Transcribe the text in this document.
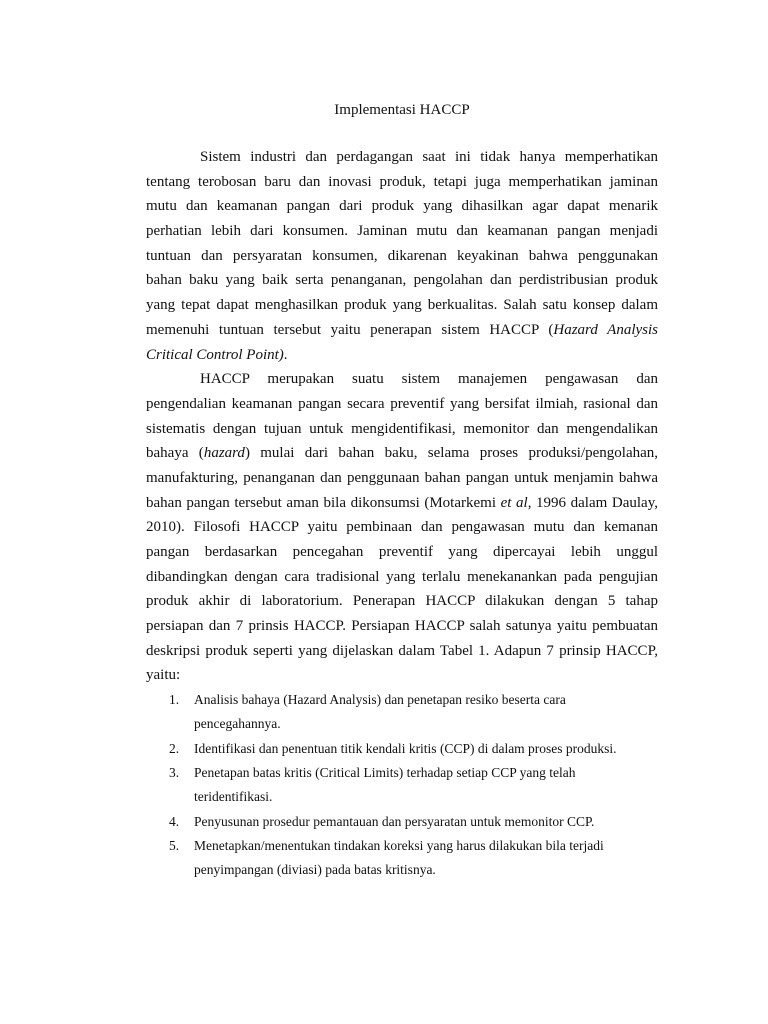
Implementasi HACCP

Sistem industri dan perdagangan saat ini tidak hanya memperhatikan
tentang terobosan baru dan inovasi produk, tetapi juga memperhatikan jaminan
mutu dan keamanan pangan dari produk yang dihasilkan agar dapat menarik
perhatian lebih dari konsumen. Jaminan mutu dan keamanan pangan menjadi
tuntuan dan persyaratan konsumen, dikarenan keyakinan bahwa penggunakan
bahan baku yang baik serta penanganan, pengolahan dan perdistribusian produk
yang tepat dapat menghasilkan produk yang berkualitas. Salah satu konsep dalam
memenuhi tuntuan tersebut yaitu penerapan sistem HACCP (Hazard Analysis
Critical Control Point).

HACCP merupakan suatu sistem manajemen pengawasan dan
pengendalian keamanan pangan secara preventif yang bersifat ilmiah, rasional dan
sistematis dengan tujuan untuk mengidentifikasi, memonitor dan mengendalikan
bahaya (hazard) mulai dari bahan baku, selama proses produksi/pengolahan,
manufakturing, penanganan dan penggunaan bahan pangan untuk menjamin bahwa
bahan pangan tersebut aman bila dikonsumsi (Motarkemi et al, 1996 dalam Daulay,
2010). Filosofi HACCP yaitu pembinaan dan pengawasan mutu dan kemanan
pangan berdasarkan pencegahan preventif yang dipercayai lebih unggul
dibandingkan dengan cara tradisional yang terlalu menekanankan pada pengujian
produk akhir di laboratorium. Penerapan HACCP dilakukan dengan 5 tahap
persiapan dan 7 prinsis HACCP. Persiapan HACCP salah satunya yaitu pembuatan
deskripsi produk seperti yang dijelaskan dalam Tabel 1. Adapun 7 prinsip HACCP,
yaitu:

1. Analisis bahaya (Hazard Analysis) dan penetapan resiko beserta cara
pencegahannya.
2. Identifikasi dan penentuan titik kendali kritis (CCP) di dalam proses produksi.
3. Penetapan batas kritis (Critical Limits) terhadap setiap CCP yang telah
teridentifikasi.
4. Penyusunan prosedur pemantauan dan persyaratan untuk memonitor CCP.
5. Menetapkan/menentukan tindakan koreksi yang harus dilakukan bila terjadi
penyimpangan (diviasi) pada batas kritisnya.
